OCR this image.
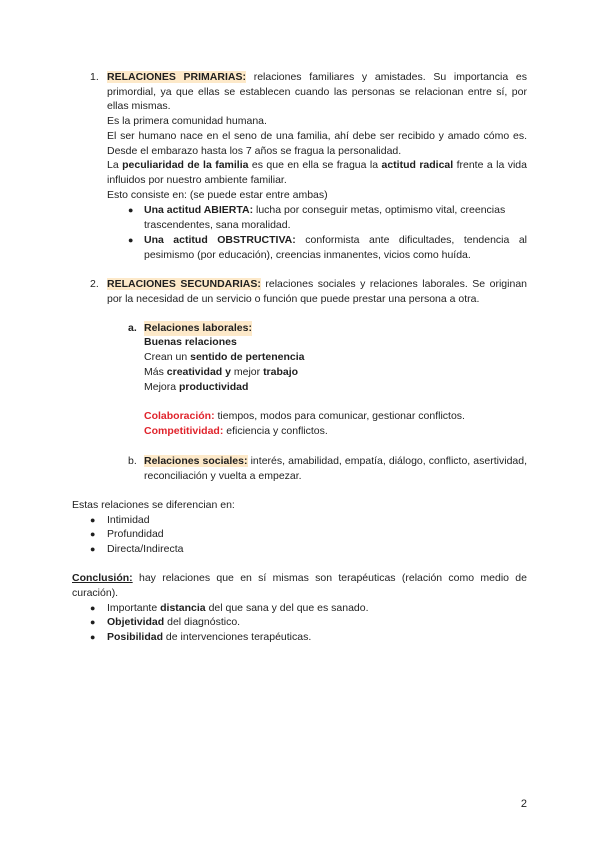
1. RELACIONES PRIMARIAS: relaciones familiares y amistades. Su importancia es primordial, ya que ellas se establecen cuando las personas se relacionan entre sí, por ellas mismas.

Es la primera comunidad humana.

El ser humano nace en el seno de una familia, ahí debe ser recibido y amado cómo es. Desde el embarazo hasta los 7 años se fragua la personalidad.

La peculiaridad de la familia es que en ella se fragua la actitud radical frente a la vida influidos por nuestro ambiente familiar.

Esto consiste en: (se puede estar entre ambas)

● Una actitud ABIERTA: lucha por conseguir metas, optimismo vital, creencias trascendentes, sana moralidad.

● Una actitud OBSTRUCTIVA: conformista ante dificultades, tendencia al pesimismo (por educación), creencias inmanentes, vicios como huída.

2. RELACIONES SECUNDARIAS: relaciones sociales y relaciones laborales. Se originan por la necesidad de un servicio o función que puede prestar una persona a otra.

a. Relaciones laborales:

Buenas relaciones

Crean un sentido de pertenencia

Más creatividad y mejor trabajo

Mejora productividad

Colaboración: tiempos, modos para comunicar, gestionar conflictos.

Competitividad: eficiencia y conflictos.

b. Relaciones sociales: interés, amabilidad, empatía, diálogo, conflicto, asertividad, reconciliación y vuelta a empezar.

Estas relaciones se diferencian en:

● Intimidad

● Profundidad

● Directa/Indirecta

Conclusión: hay relaciones que en sí mismas son terapéuticas (relación como medio de curación).

● Importante distancia del que sana y del que es sanado.

● Objetividad del diagnóstico.

● Posibilidad de intervenciones terapéuticas.

2
